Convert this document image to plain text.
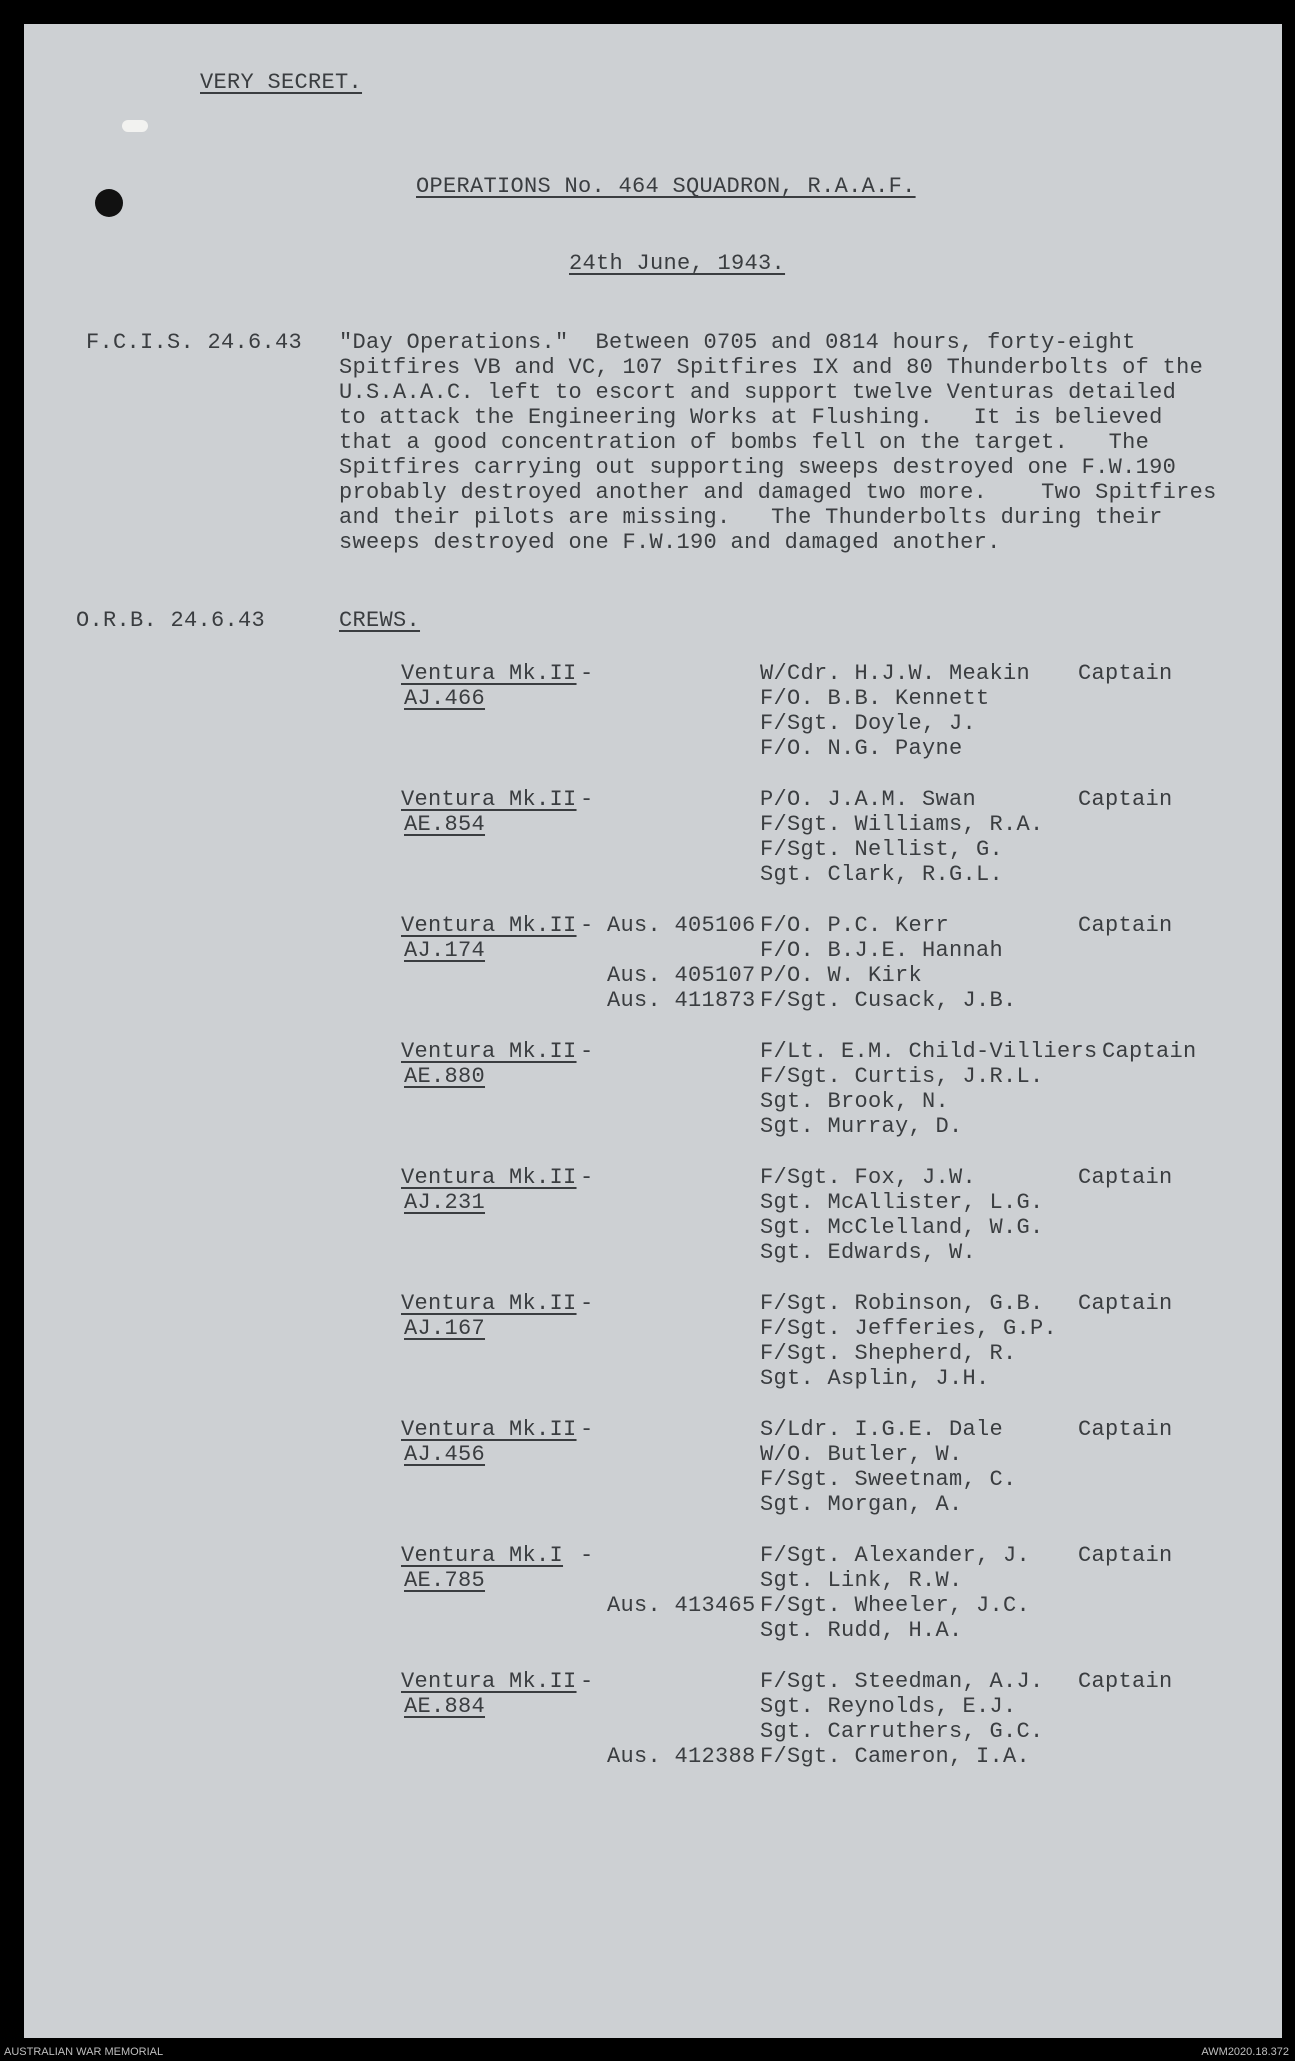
VERY SECRET.
OPERATIONS No. 464 SQUADRON, R.A.A.F.
24th June, 1943.
F.C.I.S. 24.6.43 "Day Operations."  Between 0705 and 0814 hours, forty-eight
Spitfires VB and VC, 107 Spitfires IX and 80 Thunderbolts of the
U.S.A.A.C. left to escort and support twelve Venturas detailed
to attack the Engineering Works at Flushing.   It is believed
that a good concentration of bombs fell on the target.   The
Spitfires carrying out supporting sweeps destroyed one F.W.190
probably destroyed another and damaged two more.    Two Spitfires
and their pilots are missing.   The Thunderbolts during their
sweeps destroyed one F.W.190 and damaged another.
O.R.B. 24.6.43	CREWS.
Ventura Mk.II -
AJ.466
W/Cdr. H.J.W. Meakin Captain
F/O. B.B. Kennett
F/Sgt. Doyle, J.
F/O. N.G. Payne
Ventura Mk.II -
AE.854
P/O. J.A.M. Swan	Captain
F/Sgt. Williams, R.A.
F/Sgt. Nellist, G.
Sgt. Clark, R.G.L.
Ventura Mk.II -
AJ.174
Aus. 405106 F/O. P.C. Kerr	Captain
F/O. B.J.E. Hannah
Aus. 405107 P/O. W. Kirk
Aus. 411873 F/Sgt. Cusack, J.B.
Ventura Mk.II -
AE.880
F/Lt. E.M. Child-Villiers Captain
F/Sgt. Curtis, J.R.L.
Sgt. Brook, N.
Sgt. Murray, D.
Ventura Mk.II -
AJ.231
F/Sgt. Fox, J.W.	Captain
Sgt. McAllister, L.G.
Sgt. McClelland, W.G.
Sgt. Edwards, W.
Ventura Mk.II -
AJ.167
F/Sgt. Robinson, G.B. Captain
F/Sgt. Jefferies, G.P.
F/Sgt. Shepherd, R.
Sgt. Asplin, J.H.
Ventura Mk.II -
AJ.456
S/Ldr. I.G.E. Dale	Captain
W/O. Butler, W.
F/Sgt. Sweetnam, C.
Sgt. Morgan, A.
Ventura Mk.I -
AE.785
F/Sgt. Alexander, J. Captain
Sgt. Link, R.W.
Aus. 413465 F/Sgt. Wheeler, J.C.
Sgt. Rudd, H.A.
Ventura Mk.II -
AE.884
F/Sgt. Steedman, A.J. Captain
Sgt. Reynolds, E.J.
Sgt. Carruthers, G.C.
Aus. 412388 F/Sgt. Cameron, I.A.
AUSTRALIAN WAR MEMORIAL	AWM2020.18.372
